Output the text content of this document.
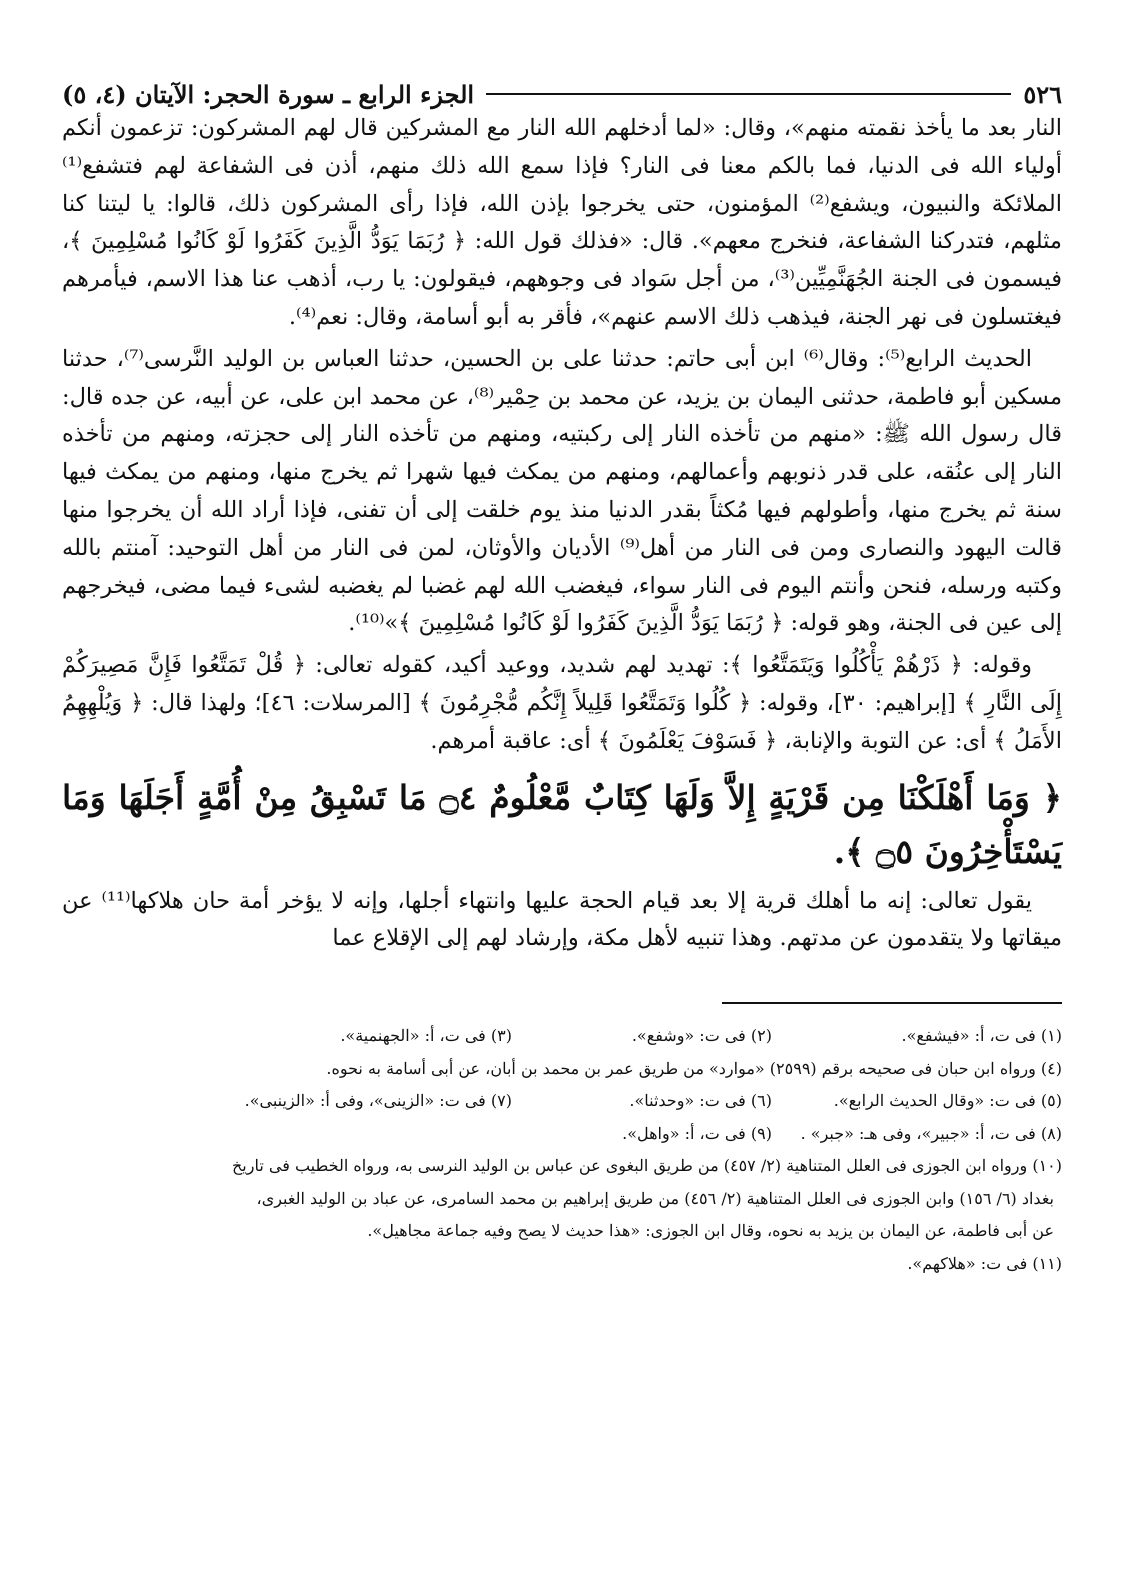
٥٢٦
الجزء الرابع ـ سورة الحجر: الآيتان (٤، ٥)

النار بعد ما يأخذ نقمته منهم»، وقال: «لما أدخلهم الله النار مع المشركين قال لهم المشركون: تزعمون أنكم أولياء الله فى الدنيا، فما بالكم معنا فى النار؟ فإذا سمع الله ذلك منهم، أذن فى الشفاعة لهم فتشفع⁽¹⁾ الملائكة والنبيون، ويشفع⁽²⁾ المؤمنون، حتى يخرجوا بإذن الله، فإذا رأى المشركون ذلك، قالوا: يا ليتنا كنا مثلهم، فتدركنا الشفاعة، فنخرج معهم». قال: «فذلك قول الله: ﴿ رُبَمَا يَوَدُّ الَّذِينَ كَفَرُوا لَوْ كَانُوا مُسْلِمِينَ ﴾، فيسمون فى الجنة الجُهَنَّمِيِّين⁽³⁾، من أجل سَواد فى وجوههم، فيقولون: يا رب، أذهب عنا هذا الاسم، فيأمرهم فيغتسلون فى نهر الجنة، فيذهب ذلك الاسم عنهم»، فأقر به أبو أسامة، وقال: نعم⁽⁴⁾.

الحديث الرابع⁽⁵⁾: وقال⁽⁶⁾ ابن أبى حاتم: حدثنا على بن الحسين، حدثنا العباس بن الوليد النَّرسى⁽⁷⁾، حدثنا مسكين أبو فاطمة، حدثنى اليمان بن يزيد، عن محمد بن حِمْير⁽⁸⁾، عن محمد ابن على، عن أبيه، عن جده قال: قال رسول الله ﷺ: «منهم من تأخذه النار إلى ركبتيه، ومنهم من تأخذه النار إلى حجزته، ومنهم من تأخذه النار إلى عنُقه، على قدر ذنوبهم وأعمالهم، ومنهم من يمكث فيها شهرا ثم يخرج منها، ومنهم من يمكث فيها سنة ثم يخرج منها، وأطولهم فيها مُكثاً بقدر الدنيا منذ يوم خلقت إلى أن تفنى، فإذا أراد الله أن يخرجوا منها قالت اليهود والنصارى ومن فى النار من أهل⁽⁹⁾ الأديان والأوثان، لمن فى النار من أهل التوحيد: آمنتم بالله وكتبه ورسله، فنحن وأنتم اليوم فى النار سواء، فيغضب الله لهم غضبا لم يغضبه لشىء فيما مضى، فيخرجهم إلى عين فى الجنة، وهو قوله: ﴿ رُبَمَا يَوَدُّ الَّذِينَ كَفَرُوا لَوْ كَانُوا مُسْلِمِينَ ﴾»⁽¹⁰⁾.

وقوله: ﴿ ذَرْهُمْ يَأْكُلُوا وَيَتَمَتَّعُوا ﴾: تهديد لهم شديد، ووعيد أكيد، كقوله تعالى: ﴿ قُلْ تَمَتَّعُوا فَإِنَّ مَصِيرَكُمْ إِلَى النَّارِ ﴾ [إبراهيم: ٣٠]، وقوله: ﴿ كُلُوا وَتَمَتَّعُوا قَلِيلاً إِنَّكُم مُّجْرِمُونَ ﴾ [المرسلات: ٤٦]؛ ولهذا قال: ﴿ وَيُلْهِهِمُ الأَمَلُ ﴾ أى: عن التوبة والإنابة، ﴿ فَسَوْفَ يَعْلَمُونَ ﴾ أى: عاقبة أمرهم.

﴿ وَمَا أَهْلَكْنَا مِن قَرْيَةٍ إِلاَّ وَلَهَا كِتَابٌ مَّعْلُومٌ ۝٤ مَا تَسْبِقُ مِنْ أُمَّةٍ أَجَلَهَا وَمَا يَسْتَأْخِرُونَ ۝٥ ﴾.

يقول تعالى: إنه ما أهلك قرية إلا بعد قيام الحجة عليها وانتهاء أجلها، وإنه لا يؤخر أمة حان هلاكها⁽¹¹⁾ عن ميقاتها ولا يتقدمون عن مدتهم. وهذا تنبيه لأهل مكة، وإرشاد لهم إلى الإقلاع عما

(١) فى ت، أ: «فيشفع».
(٢) فى ت: «وشفع».
(٣) فى ت، أ: «الجهنمية».
(٤) ورواه ابن حبان فى صحيحه برقم (٢٥٩٩) «موارد» من طريق عمر بن محمد بن أبان، عن أبى أسامة به نحوه.
(٥) فى ت: «وقال الحديث الرابع».
(٦) فى ت: «وحدثنا».
(٧) فى ت: «الزينى»، وفى أ: «الزينبى».
(٨) فى ت، أ: «جبير»، وفى هـ: «جبر» .
(٩) فى ت، أ: «واهل».
(١٠) ورواه ابن الجوزى فى العلل المتناهية (٢/ ٤٥٧) من طريق البغوى عن عباس بن الوليد النرسى به، ورواه الخطيب فى تاريخ
بغداد (٦/ ١٥٦) وابن الجوزى فى العلل المتناهية (٢/ ٤٥٦) من طريق إبراهيم بن محمد السامرى، عن عباد بن الوليد الغبرى،
عن أبى فاطمة، عن اليمان بن يزيد به نحوه، وقال ابن الجوزى: «هذا حديث لا يصح وفيه جماعة مجاهيل».
(١١) فى ت: «هلاكهم».
